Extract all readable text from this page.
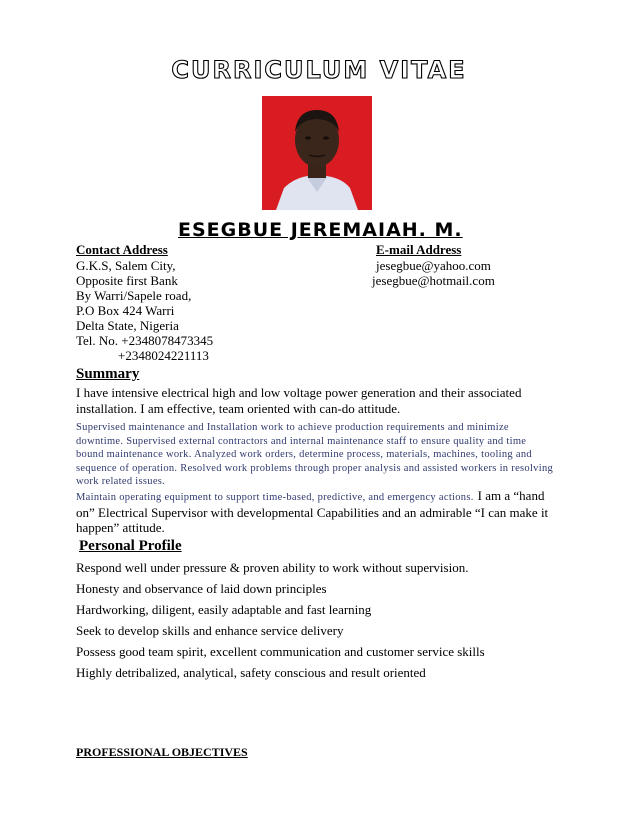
CURRICULUM VITAE
ESEGBUE JEREMAIAH. M.
Contact Address
G.K.S, Salem City,
Opposite first Bank
By Warri/Sapele road,
P.O Box 424 Warri
Delta State, Nigeria
Tel. No. +2348078473345
+2348024221113
E-mail Address
jesegbue@yahoo.com
jesegbue@hotmail.com
Summary
I have intensive electrical high and low voltage power generation and their associated installation. I am effective, team oriented with can-do attitude.
Supervised maintenance and Installation work to achieve production requirements and minimize downtime. Supervised external contractors and internal maintenance staff to ensure quality and time bound maintenance work. Analyzed work orders, determine process, materials, machines, tooling and sequence of operation. Resolved work problems through proper analysis and assisted workers in resolving work related issues.
Maintain operating equipment to support time-based, predictive, and emergency actions. I am a “hand on” Electrical Supervisor with developmental Capabilities and an admirable “I can make it happen” attitude.
Personal Profile
Respond well under pressure & proven ability to work without supervision.
Honesty and observance of laid down principles
Hardworking, diligent, easily adaptable and fast learning
Seek to develop skills and enhance service delivery
Possess good team spirit, excellent communication and customer service skills
Highly detribalized, analytical, safety conscious and result oriented
PROFESSIONAL OBJECTIVES
